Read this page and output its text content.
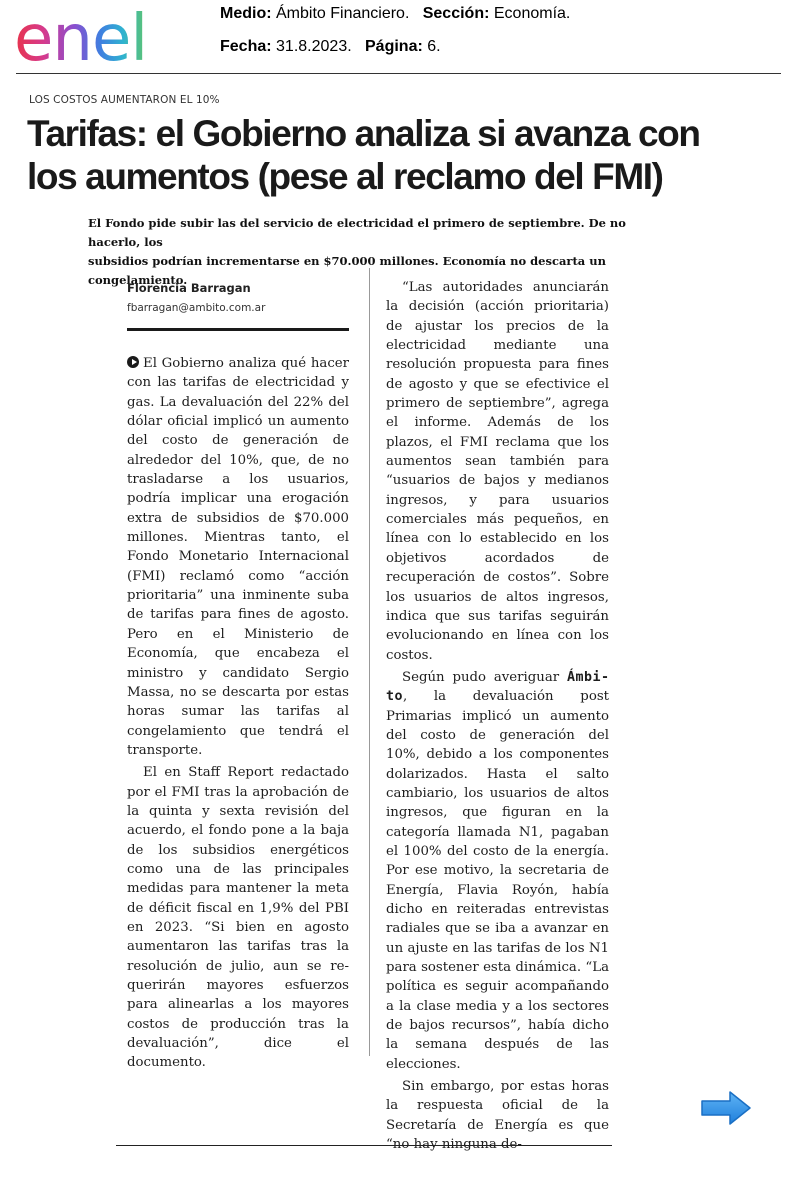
enel	Medio: Ámbito Financiero. Sección: Economía.
Fecha: 31.8.2023. Página: 6.
LOS COSTOS AUMENTARON EL 10%
Tarifas: el Gobierno analiza si avanza con
los aumentos (pese al reclamo del FMI)

El Fondo pide subir las del servicio de electricidad el primero de septiembre. De no hacerlo, los
subsidios podrían incrementarse en $70.000 millones. Economía no descarta un congelamiento.

Florencia Barragan
fbarragan@ambito.com.ar

El Gobierno analiza qué hacer con las tarifas de electricidad y gas. La devaluación del 22% del dólar oficial implicó un aumento del costo de generación de alrededor del 10%, que, de no trasladarse a los usuarios, podría implicar una erogación extra de subsidios de $70.000 millones. Mientras tanto, el Fondo Monetario Internacional (FMI) reclamó como “acción prioritaria” una inminente suba de tarifas para fines de agosto. Pero en el Ministerio de Economía, que encabeza el ministro y candidato Sergio Massa, no se descarta por estas horas sumar las tarifas al congelamiento que tendrá el transporte.

El en Staff Report redactado por el FMI tras la aprobación de la quinta y sexta revisión del acuerdo, el fondo pone a la baja de los subsidios energéticos como una de las principales medidas para mantener la meta de déficit fiscal en 1,9% del PBI en 2023. “Si bien en agosto aumentaron las tarifas tras la resolución de julio, aun se requerirán mayores esfuerzos para alinearlas a los mayores costos de producción tras la devaluación”, dice el documento.

“Las autoridades anunciarán la decisión (acción prioritaria) de ajustar los precios de la electricidad mediante una resolución propuesta para fines de agosto y que se efectivice el primero de septiembre”, agrega el informe. Además de los plazos, el FMI reclama que los aumentos sean también para “usuarios de bajos y medianos ingresos, y para usuarios comerciales más pequeños, en línea con lo establecido en los objetivos acordados de recuperación de costos”. Sobre los usuarios de altos ingresos, indica que sus tarifas seguirán evolucionando en línea con los costos.

Según pudo averiguar Ámbito, la devaluación post Primarias implicó un aumento del costo de generación del 10%, debido a los componentes dolarizados. Hasta el salto cambiario, los usuarios de altos ingresos, que figuran en la categoría llamada N1, pagaban el 100% del costo de la energía. Por ese motivo, la secretaria de Energía, Flavia Royón, había dicho en reiteradas entrevistas radiales que se iba a avanzar en un ajuste en las tarifas de los N1 para sostener esta dinámica. “La política es seguir acompañando a la clase media y a los sectores de bajos recursos”, había dicho la semana después de las elecciones.

Sin embargo, por estas horas la respuesta oficial de la Secretaría de Energía es que “no hay ninguna de-
